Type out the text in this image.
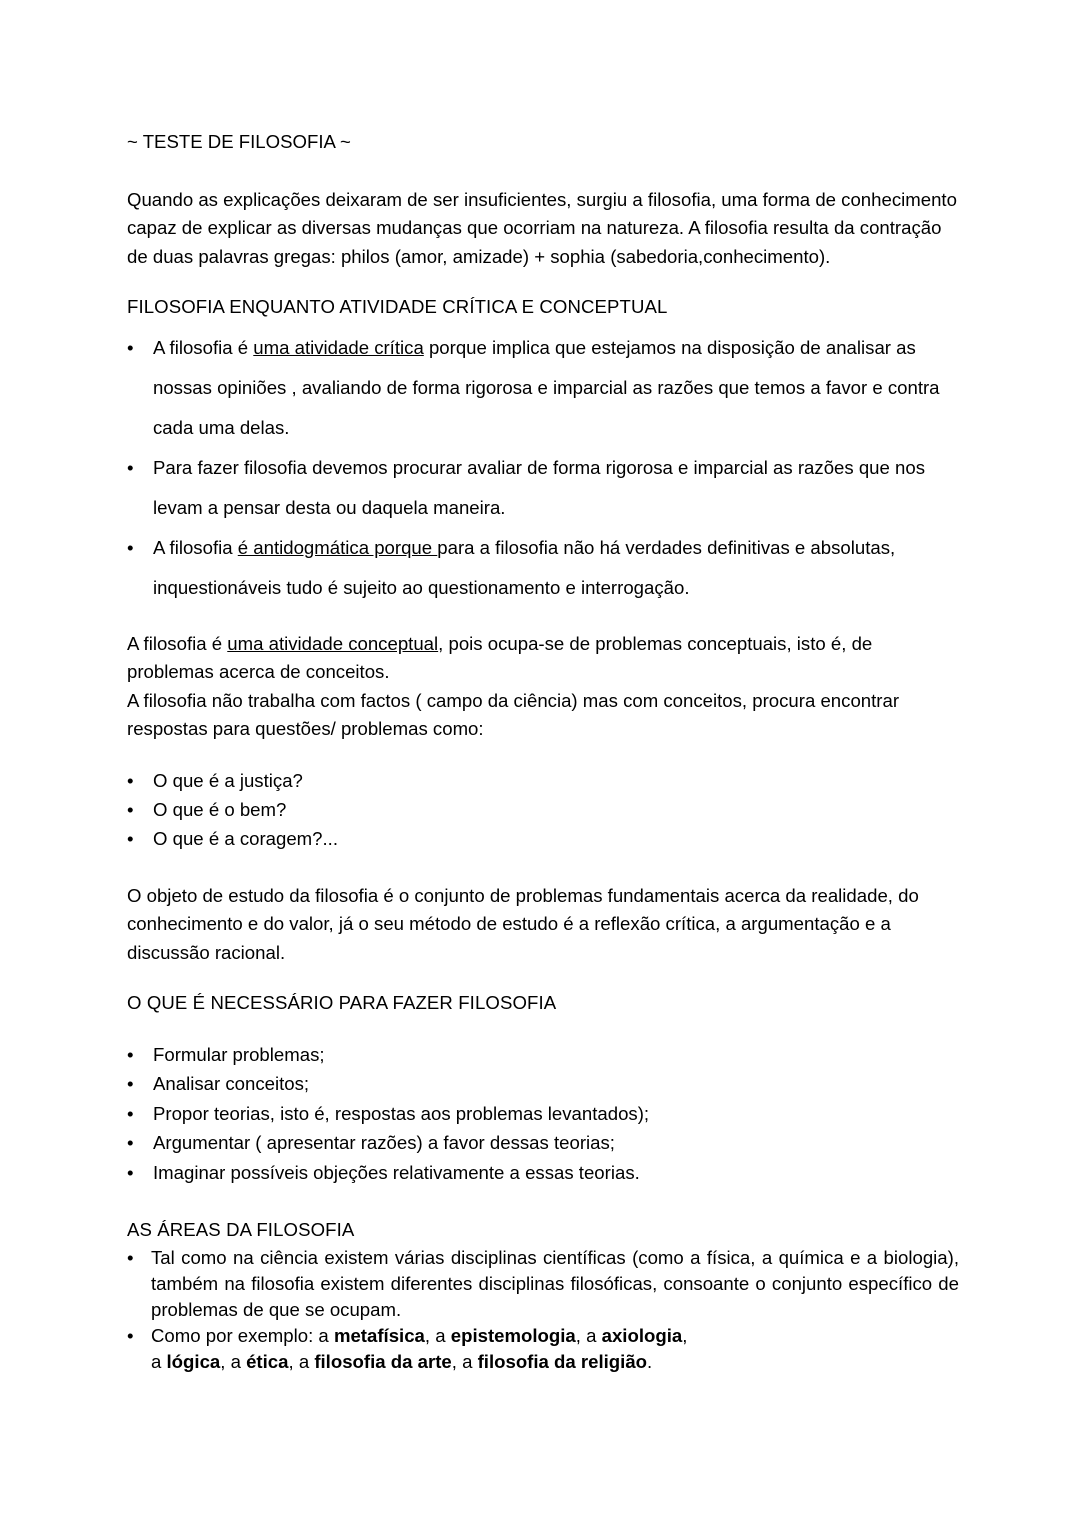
~ TESTE DE FILOSOFIA ~

Quando as explicações deixaram de ser insuficientes, surgiu a filosofia, uma forma de conhecimento capaz de explicar as diversas mudanças que ocorriam na natureza. A filosofia resulta da contração de duas palavras gregas: philos (amor, amizade) + sophia (sabedoria,conhecimento).

FILOSOFIA ENQUANTO ATIVIDADE CRÍTICA E CONCEPTUAL
•	A filosofia é uma atividade crítica porque implica que estejamos na disposição de analisar as nossas opiniões , avaliando de forma rigorosa e imparcial as razões que temos a favor e contra cada uma delas.
•	Para fazer filosofia devemos procurar avaliar de forma rigorosa e imparcial as razões que nos levam a pensar desta ou daquela maneira.
•	A filosofia é antidogmática porque para a filosofia não há verdades definitivas e absolutas, inquestionáveis tudo é sujeito ao questionamento e interrogação.

A filosofia é uma atividade conceptual, pois ocupa-se de problemas conceptuais, isto é, de problemas acerca de conceitos.

A filosofia não trabalha com factos ( campo da ciência) mas com conceitos, procura encontrar respostas para questões/ problemas como:

•	O que é a justiça?
•	O que é o bem?
•	O que é a coragem?...

O objeto de estudo da filosofia é o conjunto de problemas fundamentais acerca da realidade, do conhecimento e do valor, já o seu método de estudo é a reflexão crítica, a argumentação e a discussão racional.

O QUE É NECESSÁRIO PARA FAZER FILOSOFIA
•	Formular problemas;
•	Analisar conceitos;
•	Propor teorias, isto é, respostas aos problemas levantados);
•	Argumentar ( apresentar razões) a favor dessas teorias;
•	Imaginar possíveis objeções relativamente a essas teorias.
AS ÁREAS DA FILOSOFIA
• Tal como na ciência existem várias disciplinas científicas (como a física, a química e a biologia), também na filosofia existem diferentes disciplinas filosóficas, consoante o conjunto específico de problemas de que se ocupam.
• Como por exemplo: a metafísica, a epistemologia, a axiologia,
a lógica, a ética, a filosofia da arte, a filosofia da religião.
